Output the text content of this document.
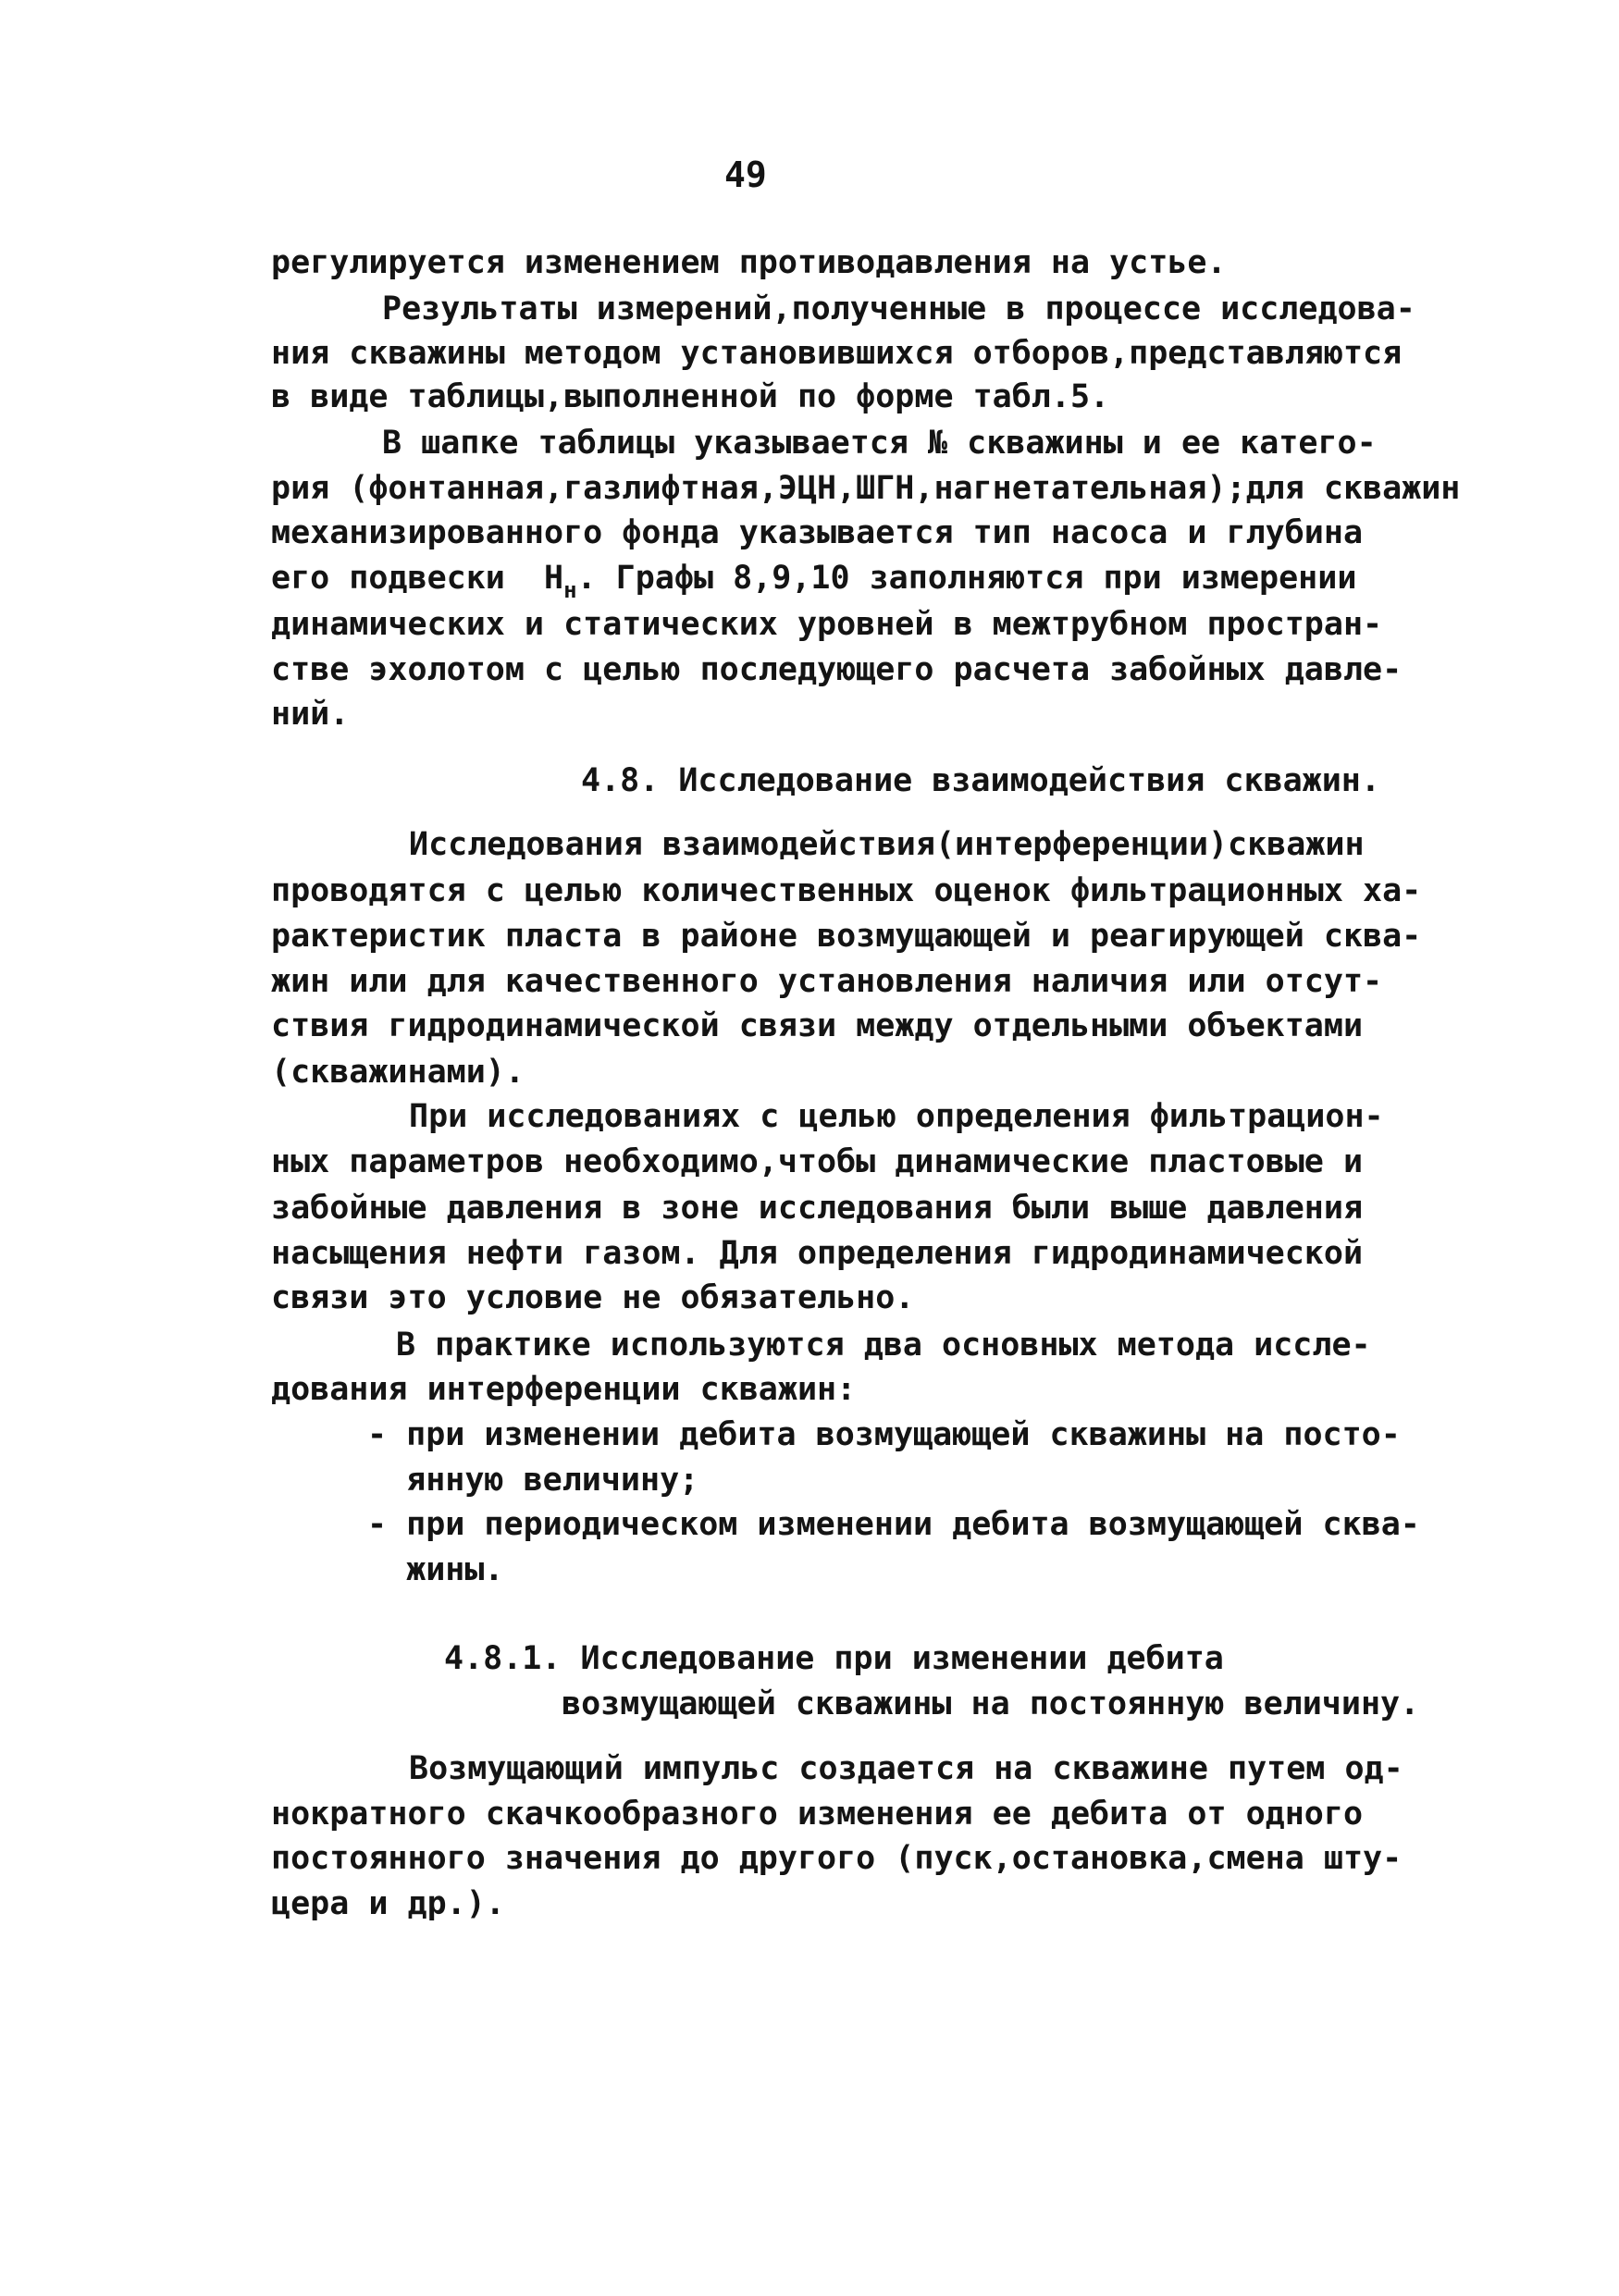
49
регулируется изменением противодавления на устье.
Результаты измерений,полученные в процессе исследова-
ния скважины методом установившихся отборов,представляются
в виде таблицы,выполненной по форме табл.5.
В шапке таблицы указывается № скважины и ее катего-
рия (фонтанная,газлифтная,ЭЦН,ШГН,нагнетательная);для скважин
механизированного фонда указывается тип насоса и глубина
его подвески  $Н_н$. Графы 8,9,10 заполняются при измерении
динамических и статических уровней в межтрубном простран-
стве эхолотом с целью последующего расчета забойных давле-
ний.
4.8. Исследование взаимодействия скважин.
Исследования взаимодействия(интерференции)скважин
проводятся с целью количественных оценок фильтрационных ха-
рактеристик пласта в районе возмущающей и реагирующей сква-
жин или для качественного установления наличия или отсут-
ствия гидродинамической связи между отдельными объектами
(скважинами).
При исследованиях с целью определения фильтрацион-
ных параметров необходимо,чтобы динамические пластовые и
забойные давления в зоне исследования были выше давления
насыщения нефти газом. Для определения гидродинамической
связи это условие не обязательно.
В практике используются два основных метода иссле-
дования интерференции скважин:
- при изменении дебита возмущающей скважины на посто-
янную величину;
- при периодическом изменении дебита возмущающей сква-
жины.
4.8.1. Исследование при изменении дебита
возмущающей скважины на постоянную величину.
Возмущающий импульс создается на скважине путем од-
нократного скачкообразного изменения ее дебита от одного
постоянного значения до другого (пуск,остановка,смена шту-
цера и др.).
